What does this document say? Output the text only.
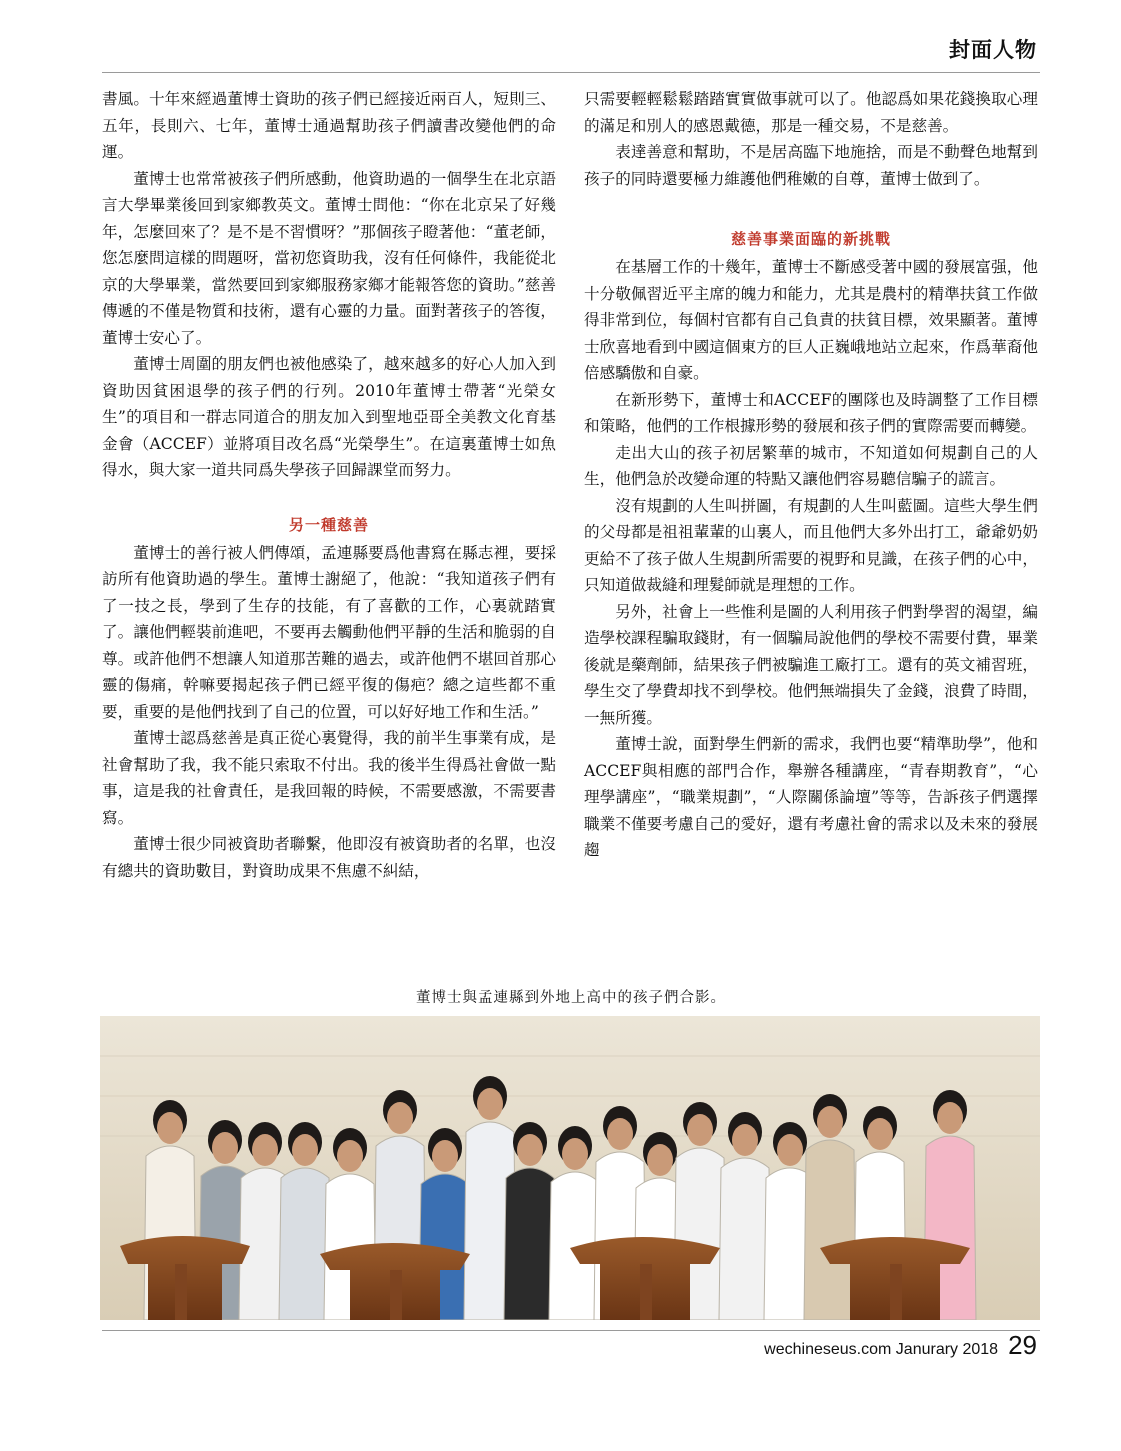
封面人物

書風。十年來經過董博士資助的孩子們已經接近兩百人，短則三、五年，長則六、七年，董博士通過幫助孩子們讀書改變他們的命運。

董博士也常常被孩子們所感動，他資助過的一個學生在北京語言大學畢業後回到家鄉教英文。董博士問他：“你在北京呆了好幾年，怎麼回來了？是不是不習慣呀？”那個孩子瞪著他：“董老師，您怎麼問這樣的問題呀，當初您資助我，沒有任何條件，我能從北京的大學畢業，當然要回到家鄉服務家鄉才能報答您的資助。”慈善傳遞的不僅是物質和技術，還有心靈的力量。面對著孩子的答復，董博士安心了。

董博士周圍的朋友們也被他感染了，越來越多的好心人加入到資助因貧困退學的孩子們的行列。2010年董博士帶著“光榮女生”的項目和一群志同道合的朋友加入到聖地亞哥全美教文化育基金會（ACCEF）並將項目改名爲“光榮學生”。在這裏董博士如魚得水，與大家一道共同爲失學孩子回歸課堂而努力。

另一種慈善

董博士的善行被人們傳頌，孟連縣要爲他書寫在縣志裡，要採訪所有他資助過的學生。董博士謝絕了，他說：“我知道孩子們有了一技之長，學到了生存的技能，有了喜歡的工作，心裏就踏實了。讓他們輕裝前進吧，不要再去觸動他們平靜的生活和脆弱的自尊。或許他們不想讓人知道那苦難的過去，或許他們不堪回首那心靈的傷痛，幹嘛要揭起孩子們已經平復的傷疤？總之這些都不重要，重要的是他們找到了自己的位置，可以好好地工作和生活。”

董博士認爲慈善是真正從心裏覺得，我的前半生事業有成，是社會幫助了我，我不能只索取不付出。我的後半生得爲社會做一點事，這是我的社會責任，是我回報的時候，不需要感激，不需要書寫。

董博士很少同被資助者聯繫，他即沒有被資助者的名單，也沒有總共的資助數目，對資助成果不焦慮不糾結，

只需要輕輕鬆鬆踏踏實實做事就可以了。他認爲如果花錢換取心理的滿足和別人的感恩戴德，那是一種交易，不是慈善。

表達善意和幫助，不是居高臨下地施捨，而是不動聲色地幫到孩子的同時還要極力維護他們稚嫩的自尊，董博士做到了。

慈善事業面臨的新挑戰

在基層工作的十幾年，董博士不斷感受著中國的發展富强，他十分敬佩習近平主席的魄力和能力，尤其是農村的精準扶貧工作做得非常到位，每個村官都有自己負責的扶貧目標，效果顯著。董博士欣喜地看到中國這個東方的巨人正巍峨地站立起來，作爲華裔他倍感驕傲和自豪。

在新形勢下，董博士和ACCEF的團隊也及時調整了工作目標和策略，他們的工作根據形勢的發展和孩子們的實際需要而轉變。

走出大山的孩子初居繁華的城市，不知道如何規劃自己的人生，他們急於改變命運的特點又讓他們容易聽信騙子的謊言。

沒有規劃的人生叫拼圖，有規劃的人生叫藍圖。這些大學生們的父母都是祖祖輩輩的山裏人，而且他們大多外出打工，爺爺奶奶更給不了孩子做人生規劃所需要的視野和見識，在孩子們的心中，只知道做裁縫和理髮師就是理想的工作。

另外，社會上一些惟利是圖的人利用孩子們對學習的渴望，編造學校課程騙取錢財，有一個騙局說他們的學校不需要付費，畢業後就是藥劑師，結果孩子們被騙進工廠打工。還有的英文補習班，學生交了學費却找不到學校。他們無端損失了金錢，浪費了時間，一無所獲。

董博士說，面對學生們新的需求，我們也要“精準助學”，他和ACCEF與相應的部門合作，舉辦各種講座，“青春期教育”，“心理學講座”，“職業規劃”，“人際關係論壇”等等，告訴孩子們選擇職業不僅要考慮自己的愛好，還有考慮社會的需求以及未來的發展趨

董博士與孟連縣到外地上高中的孩子們合影。
wechineseus.com Janurary 2018 29
